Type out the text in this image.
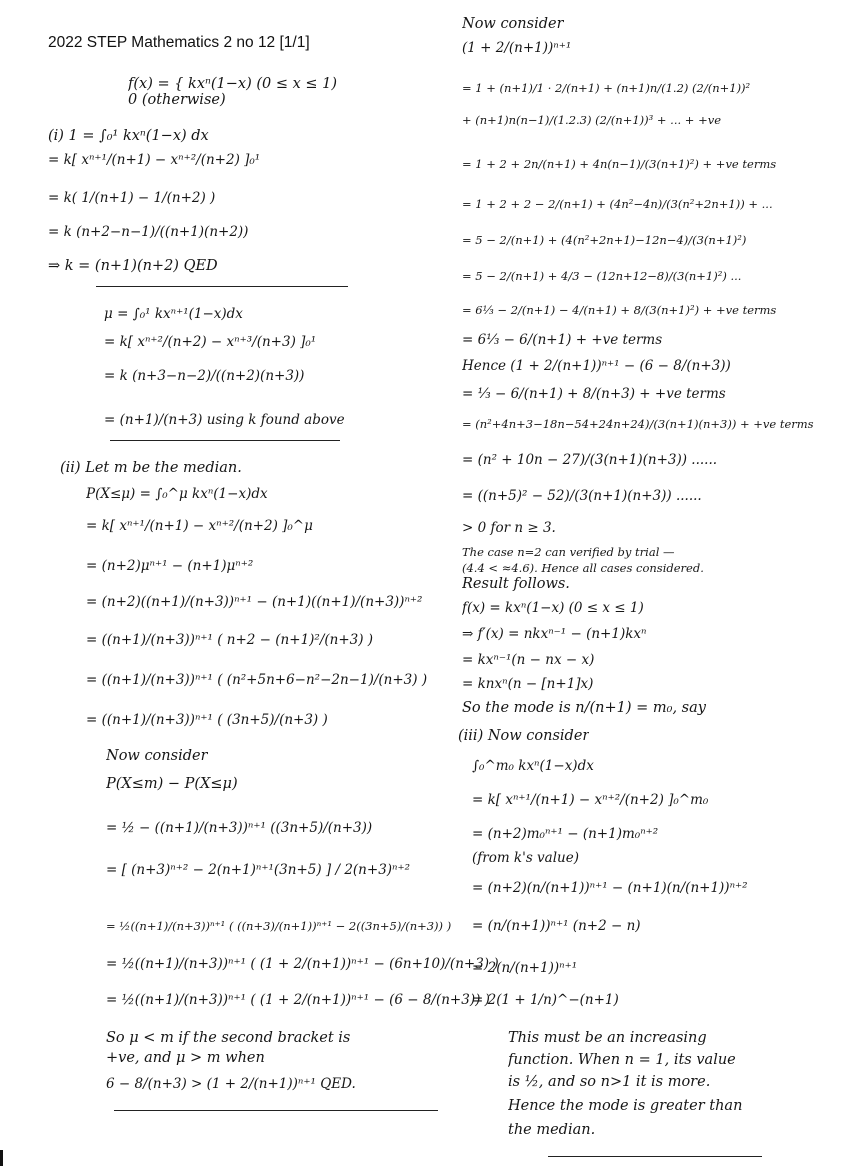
2022 STEP Mathematics 2 no 12 [1/1]
f(x) = { kxⁿ(1−x) (0 ≤ x ≤ 1)
0 (otherwise)
(i) 1 = ∫₀¹ kxⁿ(1−x) dx
= k[ xⁿ⁺¹/(n+1) − xⁿ⁺²/(n+2) ]₀¹
= k( 1/(n+1) − 1/(n+2) )
= k (n+2−n−1)/((n+1)(n+2))
⇒ k = (n+1)(n+2) QED
μ = ∫₀¹ kxⁿ⁺¹(1−x)dx
= k[ xⁿ⁺²/(n+2) − xⁿ⁺³/(n+3) ]₀¹
= k (n+3−n−2)/((n+2)(n+3))
= (n+1)/(n+3) using k found above
(ii) Let m be the median.
P(X≤μ) = ∫₀^μ kxⁿ(1−x)dx
= k[ xⁿ⁺¹/(n+1) − xⁿ⁺²/(n+2) ]₀^μ
= (n+2)μⁿ⁺¹ − (n+1)μⁿ⁺²
= (n+2)((n+1)/(n+3))ⁿ⁺¹ − (n+1)((n+1)/(n+3))ⁿ⁺²
= ((n+1)/(n+3))ⁿ⁺¹ ( n+2 − (n+1)²/(n+3) )
= ((n+1)/(n+3))ⁿ⁺¹ ( (n²+5n+6−n²−2n−1)/(n+3) )
= ((n+1)/(n+3))ⁿ⁺¹ ( (3n+5)/(n+3) )
Now consider
P(X≤m) − P(X≤μ)
= ½ − ((n+1)/(n+3))ⁿ⁺¹ ((3n+5)/(n+3))
= [ (n+3)ⁿ⁺² − 2(n+1)ⁿ⁺¹(3n+5) ] / 2(n+3)ⁿ⁺²
= ½((n+1)/(n+3))ⁿ⁺¹ ( ((n+3)/(n+1))ⁿ⁺¹ − 2((3n+5)/(n+3)) )
= ½((n+1)/(n+3))ⁿ⁺¹ ( (1 + 2/(n+1))ⁿ⁺¹ − (6n+10)/(n+3) )
= ½((n+1)/(n+3))ⁿ⁺¹ ( (1 + 2/(n+1))ⁿ⁺¹ − (6 − 8/(n+3)) )
So μ < m if the second bracket is
+ve, and μ > m when
6 − 8/(n+3) > (1 + 2/(n+1))ⁿ⁺¹ QED.
Now consider
(1 + 2/(n+1))ⁿ⁺¹
= 1 + (n+1)/1 · 2/(n+1) + (n+1)n/(1.2) (2/(n+1))²
+ (n+1)n(n−1)/(1.2.3) (2/(n+1))³ + ... + +ve
= 1 + 2 + 2n/(n+1) + 4n(n−1)/(3(n+1)²) + +ve terms
= 1 + 2 + 2 − 2/(n+1) + (4n²−4n)/(3(n²+2n+1)) + ...
= 5 − 2/(n+1) + (4(n²+2n+1)−12n−4)/(3(n+1)²)
= 5 − 2/(n+1) + 4/3 − (12n+12−8)/(3(n+1)²) ...
= 6⅓ − 2/(n+1) − 4/(n+1) + 8/(3(n+1)²) + +ve terms
= 6⅓ − 6/(n+1) + +ve terms
Hence (1 + 2/(n+1))ⁿ⁺¹ − (6 − 8/(n+3))
= ⅓ − 6/(n+1) + 8/(n+3) + +ve terms
= (n²+4n+3−18n−54+24n+24)/(3(n+1)(n+3)) + +ve terms
= (n² + 10n − 27)/(3(n+1)(n+3)) ......
= ((n+5)² − 52)/(3(n+1)(n+3)) ......
> 0 for n ≥ 3.
The case n=2 can verified by trial —
(4.4 < ≈4.6). Hence all cases considered.
Result follows.
f(x) = kxⁿ(1−x) (0 ≤ x ≤ 1)
⇒ f′(x) = nkxⁿ⁻¹ − (n+1)kxⁿ
= kxⁿ⁻¹(n − nx − x)
= knxⁿ(n − [n+1]x)
So the mode is n/(n+1) = m₀, say
(iii) Now consider
∫₀^m₀ kxⁿ(1−x)dx
= k[ xⁿ⁺¹/(n+1) − xⁿ⁺²/(n+2) ]₀^m₀
= (n+2)m₀ⁿ⁺¹ − (n+1)m₀ⁿ⁺²
(from k's value)
= (n+2)(n/(n+1))ⁿ⁺¹ − (n+1)(n/(n+1))ⁿ⁺²
= (n/(n+1))ⁿ⁺¹ (n+2 − n)
= 2(n/(n+1))ⁿ⁺¹
= 2(1 + 1/n)^−(n+1)
This must be an increasing
function. When n = 1, its value
is ½, and so n>1 it is more.
Hence the mode is greater than
the median.
